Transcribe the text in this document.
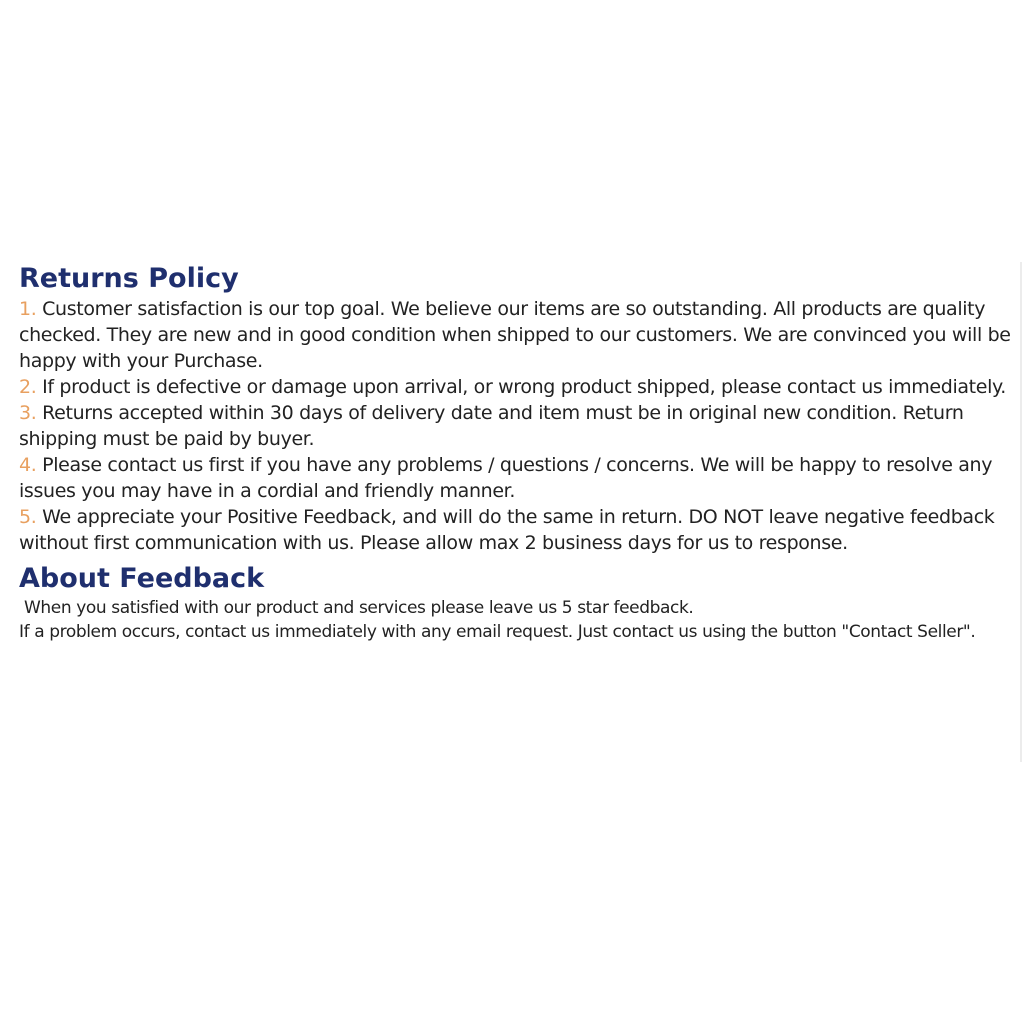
Returns Policy
1. Customer satisfaction is our top goal. We believe our items are so outstanding. All products are quality checked. They are new and in good condition when shipped to our customers. We are convinced you will be happy with your Purchase.
2. If product is defective or damage upon arrival, or wrong product shipped, please contact us immediately.
3. Returns accepted within 30 days of delivery date and item must be in original new condition. Return shipping must be paid by buyer.
4. Please contact us first if you have any problems / questions / concerns. We will be happy to resolve any issues you may have in a cordial and friendly manner.
5. We appreciate your Positive Feedback, and will do the same in return. DO NOT leave negative feedback without first communication with us. Please allow max 2 business days for us to response.
About Feedback

When you satisfied with our product and services please leave us 5 star feedback.

If a problem occurs, contact us immediately with any email request. Just contact us using the button "Contact Seller".
